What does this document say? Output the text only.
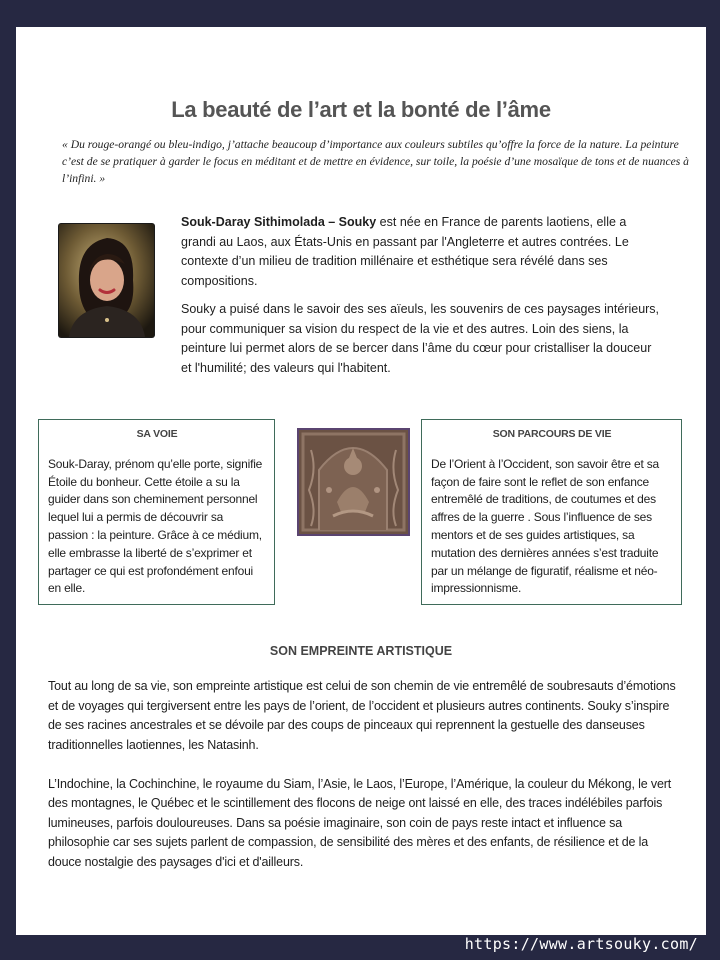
La beauté de l’art et la bonté de l’âme
« Du rouge-orangé ou bleu-indigo, j’attache beaucoup d’importance aux couleurs subtiles qu’offre la force de la nature. La peinture c’est de se pratiquer à garder le focus en méditant et de mettre en évidence, sur toile, la poésie d’une mosaïque de tons et de nuances à l’infini. »

Souk-Daray Sithimolada – Souky est née en France de parents laotiens, elle a grandi au Laos, aux États-Unis en passant par l'Angleterre et autres contrées. Le contexte d’un milieu de tradition millénaire et esthétique sera révélé dans ses compositions.

Souky a puisé dans le savoir des ses aïeuls, les souvenirs de ces paysages intérieurs, pour communiquer sa vision du respect de la vie et des autres. Loin des siens, la peinture lui permet alors de se bercer dans l’âme du cœur pour cristalliser la douceur et l'humilité; des valeurs qui l'habitent.

SA VOIE
Souk-Daray, prénom qu’elle porte, signifie Étoile du bonheur. Cette étoile a su la guider dans son cheminement personnel lequel lui a permis de découvrir sa passion : la peinture. Grâce à ce médium, elle embrasse la liberté de s’exprimer et partager ce qui est profondément enfoui en elle.
SON PARCOURS DE VIE
De l’Orient à l’Occident, son savoir être et sa façon de faire sont le reflet de son enfance entremêlé de traditions, de coutumes et des affres de la guerre . Sous l’influence de ses mentors et de ses guides artistiques, sa mutation des dernières années s’est traduite par un mélange de figuratif, réalisme et néo-impressionnisme.
SON EMPREINTE ARTISTIQUE

Tout au long de sa vie, son empreinte artistique est celui de son chemin de vie entremêlé de soubresauts d’émotions et de voyages qui tergiversent entre les pays de l’orient, de l’occident et plusieurs autres continents. Souky s’inspire de ses racines ancestrales et se dévoile par des coups de pinceaux qui reprennent la gestuelle des danseuses traditionnelles laotiennes, les Natasinh.

L’Indochine, la Cochinchine, le royaume du Siam, l’Asie, le Laos, l’Europe, l’Amérique, la couleur du Mékong, le vert des montagnes, le Québec et le scintillement des flocons de neige ont laissé en elle, des traces indélébiles parfois lumineuses, parfois douloureuses. Dans sa poésie imaginaire, son coin de pays reste intact et influence sa philosophie car ses sujets parlent de compassion, de sensibilité des mères et des enfants, de résilience et de la douce nostalgie des paysages d'ici et d'ailleurs.

https://www.artsouky.com/
